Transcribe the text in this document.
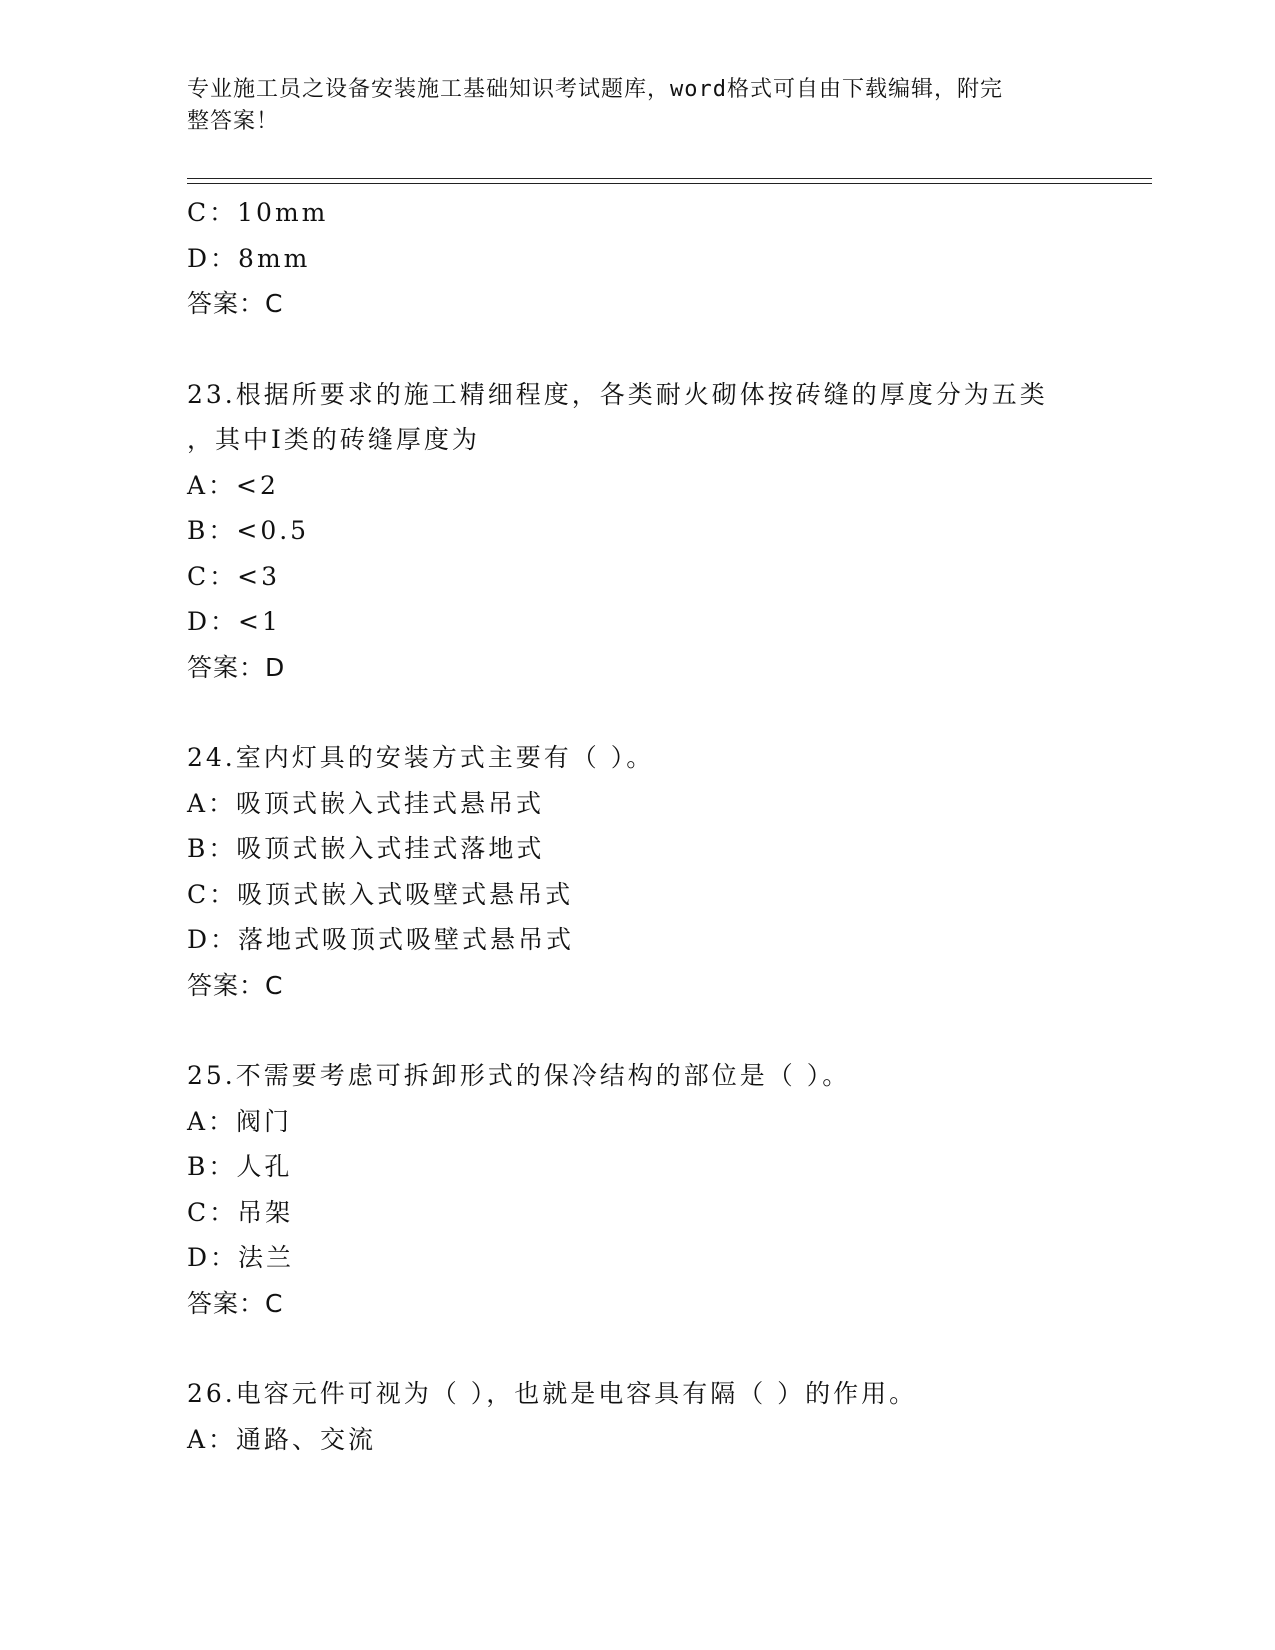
专业施工员之设备安装施工基础知识考试题库，word格式可自由下载编辑，附完
整答案！
C：10mm
D：8mm
答案：C
23.根据所要求的施工精细程度，各类耐火砌体按砖缝的厚度分为五类
，其中Ⅰ类的砖缝厚度为
A：<2
B：<0.5
C：<3
D：<1
答案：D
24.室内灯具的安装方式主要有（ ）。
A：吸顶式嵌入式挂式悬吊式
B：吸顶式嵌入式挂式落地式
C：吸顶式嵌入式吸壁式悬吊式
D：落地式吸顶式吸壁式悬吊式
答案：C
25.不需要考虑可拆卸形式的保冷结构的部位是（ ）。
A：阀门
B：人孔
C：吊架
D：法兰
答案：C
26.电容元件可视为（ ），也就是电容具有隔（ ）的作用。
A：通路、交流
